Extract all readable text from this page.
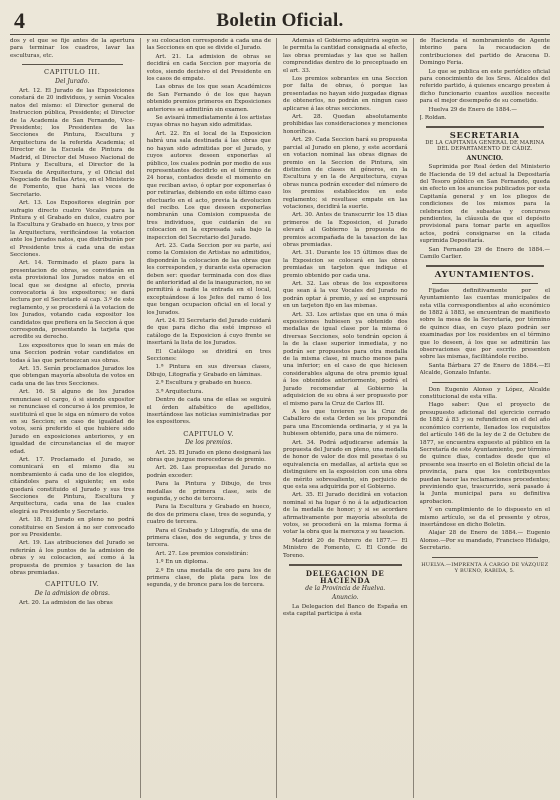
4	Boletin Oficial.

dos y el que se fije antes de la apertura para terminar los cuadros, lavar las esculturas, etc.

CAPITULO III.
Del Jurado.

Art. 12. El Jurado de las Exposiciones constará de 20 individuos, y serán Vocales natos del mismo: el Director general de Instruccion pública, Presidente; el Director de la Academia de San Fernando, Vice-Presidente; los Presidentes de las Secciones de Pintura, Escultura y Arquitectura de la referida Academia; el Director de la Escuela de Pintura de Madrid, el Director del Museo Nacional de Pintura y Escultura, el Director de la Escuela de Arquitectura, y el Oficial del Negociado de Bellas Artes, en el Ministerio de Fomento, que hará las veces de Secretario.

Art. 13. Los Expositores elegirán por sufragio directo cuatro Vocales para la Pintura y el Grabado en dulce, cuatro por la Escultura y Grabado en hueco, y tres por la Arquitectura, verificándose la votacion ante los Jurados natos, que distribuirán por el Presidente tres á cada una de estas Secciones.

Art. 14. Terminado el plazo para la presentacion de obras, se convidarán en esta provisional los Jurados natos en el local que se designe al efecto, previa convocatoria á los expositores; se dará lectura por el Secretario al cap. 3.º de este reglamento, y se procederá á la votacion de los Jurados, votando cada expositor los candidatos que prefiera en la Seccion á que corresponda, presentando la tarjeta que acredite su derecho.

Los expositores que lo sean en más de una Seccion podrán votar candidatos en todas á las que pertenezcan sus obras.

Art. 15. Serán proclamados Jurados los que obtengan mayoría absoluta de votos en cada una de las tres Secciones.

Art. 16. Si alguno de los Jurados renunciase el cargo, ó si siendo expositor se renunciase el concurso á los premios, le sustituirá el que le siga en número de votos en su Seccion; en caso de igualdad de votos, será preferido el que hubiere sido Jurado en exposiciones anteriores, y en igualdad de circunstancias el de mayor edad.

Art. 17. Proclamado el Jurado, se comunicará en el mismo dia su nombramiento á cada uno de los elegidos, citándoles para el siguiente; en este quedará constituido el Jurado y sus tres Secciones de Pintura, Escultura y Arquitectura, cada una de las cuales elegirá su Presidente y Secretario.

Art. 18. El Jurado en pleno no podrá constituirse en Sesion á no ser convocado por su Presidente.

Art. 19. Las atribuciones del Jurado se referirán á los puntos de la admision de obras y su colocacion, así como á la propuesta de premios y tasacion de las obras premiadas.

CAPITULO IV.
De la admision de obras.

Art. 20. La admision de las obras

y su colocacion corresponde á cada una de las Secciones en que se divide el Jurado.

Art. 21. La admision de obras se decidirá en cada Seccion por mayoría de votos, siendo decisivo el del Presidente en los casos de empate.

Las obras de los que sean Académicos de San Fernando ó de los que hayan obtenido premios primeros en Exposiciones anteriores se admitirán sin examen.

Se avisará inmediatamente á los artistas cuyas obras no hayan sido admitidas.

Art. 22. En el local de la Exposicion habrá una sala destinada á las obras que no hayan sido admitidas por el Jurado, y cuyos autores deseen exponerlas al público, los cuales podrán por medio de sus representantes decidirlo en el término de 24 horas, contados desde el momento en que reciban aviso, ó optar por exponerlas ó por retirarlas, debiendo en este último caso efectuarlo en el acto, previa la devolucion del recibo. Los que deseen exponerlas nombrarán una Comision compuesta de tres individuos, que cuidarán de su colocacion en la expresada sala bajo la inspeccion del Secretario del Jurado.

Art. 23. Cada Seccion por su parte, así como la Comision de Artistas no admitidos, dispondrán la colocacion de las obras que les corresponden, y durante esta operacion deben ser: quedar terminada con dos dias de anterioridad al de la inauguracion, no se permitirá á nadie la entrada en el local, exceptuándose á los Jefes del ramo ó los que tengan ocupacion oficial en el local y los Jurados.

Art. 24. El Secretario del Jurado cuidará de que para dicho dia esté impreso el catálogo de la Exposicion á cuyo frente se insertará la lista de los Jurados.

El Catálogo se dividirá en tres Secciones:

1.ª Pintura en sus diversas clases, Dibujo, Litografía y Grabado en láminas.

2.ª Escultura y grabado en hueco.

3.ª Arquitectura.

Dentro de cada una de ellas se seguirá el órden alfabético de apellidos, insertándose las noticias suministradas por los expositores.

CAPITULO V.
De los premios.

Art. 25. El Jurado en pleno designará las obras que juzgue merecedoras de premio.

Art. 26. Las propuestas del Jurado no podrán exceder:

Para la Pintura y Dibujo, de tres medallas de primera clase, seis de segunda, y ocho de tercera.

Para la Escultura y Grabado en hueco, de dos de primera clase, tres de segunda, y cuatro de tercera.

Para el Grabado y Litografía, de una de primera clase, dos de segunda, y tres de tercera.

Art. 27. Los premios consistirán:

1.º En un diploma.

2.º En una medalla de oro para los de primera clase, de plata para los de segunda, y de bronce para los de tercera.

Además el Gobierno adquirirá según se le permita la cantidad consignada al efecto, las obras premiadas y las que se hallen comprendidas dentro de lo preceptuado en el art. 33.

Los premios sobrantes en una Seccion por falta de obras, ó porque las presentadas no hayan sido juzgadas dignas de obtenerlos, no podrán en ningun caso aplicarse á las otras secciones.

Art. 28. Quedan absolutamente prohibidas las consideraciones y menciones honoríficas.

Art. 29. Cada Seccion hará su propuesta parcial al Jurado en pleno, y este acordará en votacion nominal las obras dignas de premio en la Seccion de Pintura, sin distincion de clases ni géneros, en la Escultura y en la de Arquitectura, cuyas obras nunca podrán exceder del número de los premios establecidos en este reglamento; si resultase empate en las votaciones, decidirá la suerte.

Art. 30. Antes de transcurrir los 15 dias primeros de la Exposicion, el Jurado elevará al Gobierno la propuesta de premios acompañada de la tasacion de las obras premiadas.

Art. 31. Durante los 15 últimos dias de la Exposicion se colocará en las obras premiadas un tarjeton que indique el premio obtenido por cada una.

Art. 32. Las obras de los expositores que sean á la vez Vocales del Jurado no podrán optar á premio, y así se expresará en un tarjeton fijo en las mismas.

Art. 33. Los artistas que en una ó más exposiciones hubiesen ya obtenido dos medallas de igual clase por la misma ó diversas Secciones, solo tendrán opcion á la de la clase superior inmediata, y no podrán ser propuestos para otra medalla de la misma clase, ni mucho menos para una inferior; en el caso de que hiciesen considerables alguna de otra premio igual á los obtenidos anteriormente, podrá el Jurado recomendar al Gobierno la adquisicion de su obra á ser propuesto por el mismo para la Cruz de Carlos III.

A los que tuvieren ya la Cruz de Caballero de esta Orden se les propondrá para una Encomienda ordinaria, y si ya la hubiesen obtenido, para una de número.

Art. 34. Podrá adjudicarse además la propuesta del Jurado en pleno, una medalla de honor de valor de dos mil pesetas ó su equivalencia en medallas, al artista que se distinguiere en la exposicion con una obra de mérito sobresaliente, sin perjuicio de que esta sea adquirida por el Gobierno.

Art. 35. El Jurado decidirá en votacion nominal si ha lugar ó no á la adjudicacion de la medalla de honor; y si se acordare afirmativamente por mayoría absoluta de votos, se procederá en la misma forma á votar la obra que la merezca y su tasacion.

Madrid 20 de Febrero de 1877.— El Ministro de Fomento, C. El Conde de Toreno.

DELEGACION DE HACIENDA
de la Provincia de Huelva.
Anuncio.

La Delegacion del Banco de España en esta capital participa á esta

de Hacienda el nombramiento de Agente interino para la recaudacion de contribuciones del partido de Aracena D. Domingo Feria.

Lo que se publica en este periódico oficial para conocimiento de los Sres. Alcaldes del referido partido, á quienes encargo presten á dicho funcionario cuantos auxilios necesite para el mejor desempeño de su cometido.

Huelva 29 de Enero de 1884.—

J. Roldan.

SECRETARIA
DE LA CAPITANÍA GENERAL DE MARINA DEL DEPARTAMENTO DE CÁDIZ.
ANUNCIO.

Suprimida por Real órden del Ministerio de Hacienda de 19 del actual la Depositaría del Tesoro público en San Fernando, queda sin efecto en los anuncios publicados por esta Capitanía general y en los pliegos de condiciones de los mismos para la celebracion de subastas y concursos pendientes, la cláusula de que el depósito provisional para tomar parte en aquellos actos, podrá consignarse en la citada suprimida Depositaría.

San Fernando 29 de Enero de 1884.—Camilo Carlier.

AYUNTAMIENTOS.

Fijadas definitivamente por el Ayuntamiento las cuentas municipales de esta villa correspondientes al año económico de 1882 á 1883, se encuentran de manifiesto sobre la mesa de la Secretaría, por término de quince dias, en cuyo plazo podrán ser examinadas por los residentes en el término que lo deseen, á los que se admitirán las observaciones que por escrito presenten sobre las mismas, facilitándole recibo.

Santa Bárbara 27 de Enero de 1884.—El Alcalde, Gonzalo Infante.

Don Eugenio Alonso y López, Alcalde constitucional de esta villa.

Hago saber: Que el proyecto de presupuesto adicional del ejercicio cerrado de 1882 á 83 y su refundicion en el del año económico corriente, llenados los requisitos del artículo 146 de la ley de 2 de Octubre de 1877, se encuentra expuesto al público en la Secretaría de este Ayuntamiento, por término de quince dias, contados desde que el presente sea inserto en el Boletin oficial de la provincia, para que los contribuyentes puedan hacer las reclamaciones procedentes; previniendo que, trascurrido, será pasado á la Junta municipal para su definitiva aprobacion.

Y en cumplimiento de lo dispuesto en el mismo artículo, se da el presente y otros, insertándose en dicho Boletin.

Alajar 28 de Enero de 1884.— Eugenio Alonso.—Por su mandado, Francisco Hidalgo, Secretario.

HUELVA.—IMPRENTA Á CARGO DE VÁZQUEZ Y BUENO, RABIDA, 5.
